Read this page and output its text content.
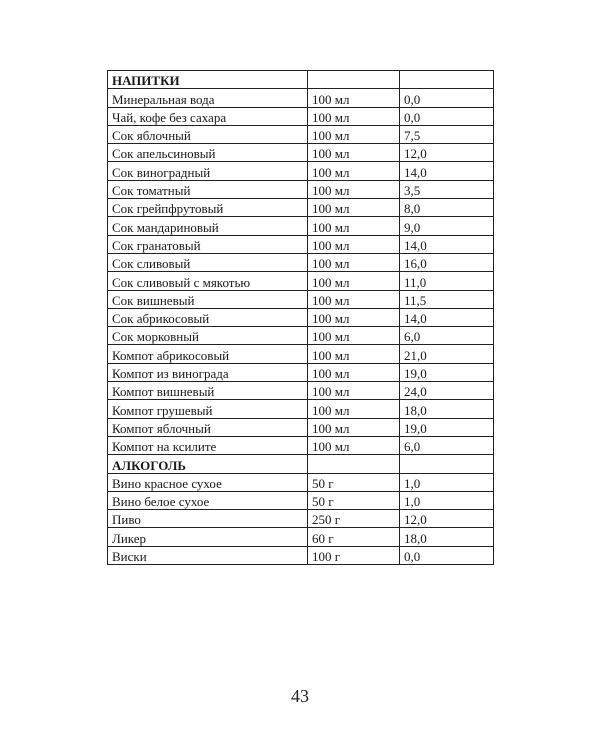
НАПИТКИ		
Минеральная вода	100 мл	0,0
Чай, кофе без сахара	100 мл	0,0
Сок яблочный	100 мл	7,5
Сок апельсиновый	100 мл	12,0
Сок виноградный	100 мл	14,0
Сок томатный	100 мл	3,5
Сок грейпфрутовый	100 мл	8,0
Сок мандариновый	100 мл	9,0
Сок гранатовый	100 мл	14,0
Сок сливовый	100 мл	16,0
Сок сливовый с мякотью	100 мл	11,0
Сок вишневый	100 мл	11,5
Сок абрикосовый	100 мл	14,0
Сок морковный	100 мл	6,0
Компот абрикосовый	100 мл	21,0
Компот из винограда	100 мл	19,0
Компот вишневый	100 мл	24,0
Компот грушевый	100 мл	18,0
Компот яблочный	100 мл	19,0
Компот на ксилите	100 мл	6,0
АЛКОГОЛЬ		
Вино красное сухое	50 г	1,0
Вино белое сухое	50 г	1,0
Пиво	250 г	12,0
Ликер	60 г	18,0
Виски	100 г	0,0
43
